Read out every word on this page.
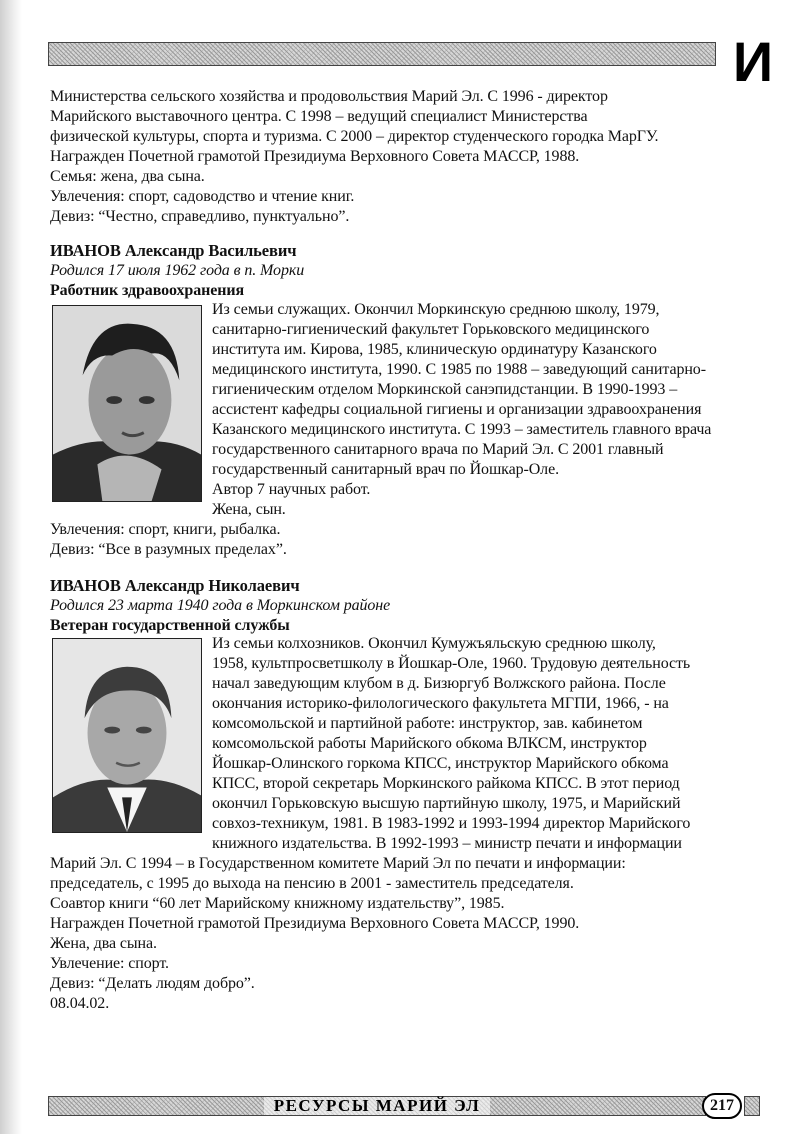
И
Министерства сельского хозяйства и продовольствия Марий Эл. С 1996 - директор
Марийского выставочного центра. С 1998 – ведущий специалист Министерства
физической культуры, спорта и туризма. С 2000 – директор студенческого городка МарГУ.
Награжден Почетной грамотой Президиума Верховного Совета МАССР, 1988.
Семья: жена, два сына.
Увлечения: спорт, садоводство и чтение книг.
Девиз: “Честно, справедливо, пунктуально”.
ИВАНОВ Александр Васильевич
Родился 17 июля 1962 года в п. Морки
Работник здравоохранения
Из семьи служащих. Окончил Моркинскую среднюю школу, 1979,
санитарно-гигиенический факультет Горьковского медицинского
института им. Кирова, 1985, клиническую ординатуру Казанского
медицинского института, 1990. С 1985 по 1988 – заведующий санитарно-
гигиеническим отделом Моркинской санэпидстанции. В 1990-1993 –
ассистент кафедры социальной гигиены и организации здравоохранения
Казанского медицинского института. С 1993 – заместитель главного врача
государственного санитарного врача по Марий Эл. С 2001 главный
государственный санитарный врач по Йошкар-Оле.
Автор 7 научных работ.
Жена, сын.
Увлечения: спорт, книги, рыбалка.
Девиз: “Все в разумных пределах”.
ИВАНОВ Александр Николаевич
Родился 23 марта 1940 года в Моркинском районе
Ветеран государственной службы
Из семьи колхозников. Окончил Кумужъяльскую среднюю школу,
1958, культпросветшколу в Йошкар-Оле, 1960. Трудовую деятельность
начал заведующим клубом в д. Бизюргуб Волжского района. После
окончания историко-филологического факультета МГПИ, 1966, - на
комсомольской и партийной работе: инструктор, зав. кабинетом
комсомольской работы Марийского обкома ВЛКСМ, инструктор
Йошкар-Олинского горкома КПСС, инструктор Марийского обкома
КПСС, второй секретарь Моркинского райкома КПСС. В этот период
окончил Горьковскую высшую партийную школу, 1975, и Марийский
совхоз-техникум, 1981. В 1983-1992 и 1993-1994 директор Марийского
книжного издательства. В 1992-1993 – министр печати и информации
Марий Эл. С 1994 – в Государственном комитете Марий Эл по печати и информации:
председатель, с 1995 до выхода на пенсию в 2001 - заместитель председателя.
Соавтор книги “60 лет Марийскому книжному издательству”, 1985.
Награжден Почетной грамотой Президиума Верховного Совета МАССР, 1990.
Жена, два сына.
Увлечение: спорт.
Девиз: “Делать людям добро”.
08.04.02.
РЕСУРСЫ МАРИЙ ЭЛ	217
